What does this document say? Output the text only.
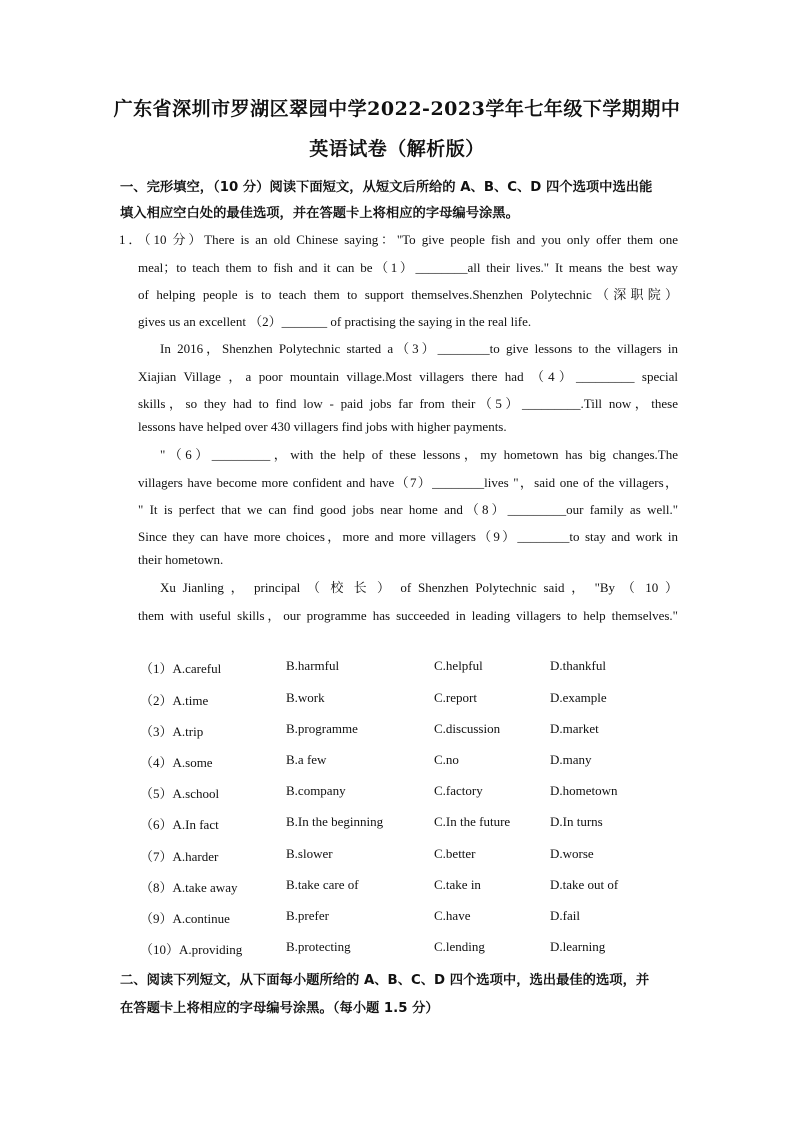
广东省深圳市罗湖区翠园中学2022-2023学年七年级下学期期中
英语试卷（解析版）
一、完形填空，（10 分）阅读下面短文，从短文后所给的 A、B、C、D 四个选项中选出能
填入相应空白处的最佳选项，并在答题卡上将相应的字母编号涂黑。
1．（10 分）There is an old Chinese saying："To give people fish and you only offer them one
meal；to teach them to fish and it can be（1）________all their lives." It means the best way
of helping people is to teach them to support themselves.Shenzhen Polytechnic（深职院）
gives us an excellent （2）_______ of practising the saying in the real life.
In 2016，Shenzhen Polytechnic started a（3）________to give lessons to the villagers in
Xiajian Village ，a poor mountain village.Most villagers there had （4）_________ special
skills，so they had to find low - paid jobs far from their（5）_________.Till now，these
lessons have helped over 430 villagers find jobs with higher payments.
"（6）_________，with the help of these lessons，my hometown has big changes.The
villagers have become more confident and have（7）________lives "，said one of the villagers，
" It is perfect that we can find good jobs near home and（8）_________our family as well."
Since they can have more choices，more and more villagers（9）________to stay and work in
their hometown.
Xu Jianling ， principal （ 校 长 ） of Shenzhen Polytechnic said ， "By （ 10 ）
them with useful skills，our programme has succeeded in leading villagers to help themselves."
（1）A.careful	B.harmful	C.helpful	D.thankful
（2）A.time	B.work	C.report	D.example
（3）A.trip	B.programme	C.discussion	D.market
（4）A.some	B.a few	C.no	D.many
（5）A.school	B.company	C.factory	D.hometown
（6）A.In fact	B.In the beginning	C.In the future	D.In turns
（7）A.harder	B.slower	C.better	D.worse
（8）A.take away	B.take care of	C.take in	D.take out of
（9）A.continue	B.prefer	C.have	D.fail
（10）A.providing	B.protecting	C.lending	D.learning
二、阅读下列短文，从下面每小题所给的 A、B、C、D 四个选项中，选出最佳的选项，并
在答题卡上将相应的字母编号涂黑。（每小题 1.5 分）
